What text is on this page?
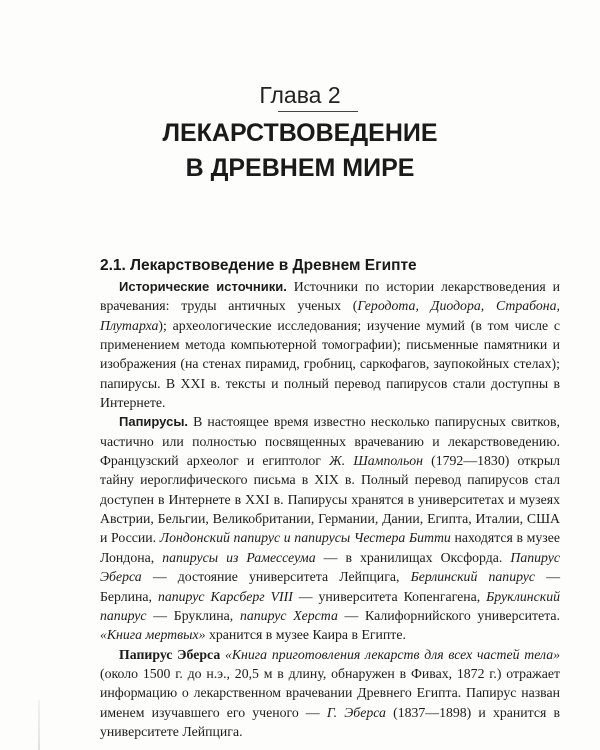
Глава 2
ЛЕКАРСТВОВЕДЕНИЕ
В ДРЕВНЕМ МИРЕ
2.1. Лекарствоведение в Древнем Египте

Исторические источники. Источники по истории лекарствоведения и врачевания: труды античных ученых (Геродота, Диодора, Страбона, Плутарха); археологические исследования; изучение мумий (в том числе с применением метода компьютерной томографии); письменные памятники и изображения (на стенах пирамид, гробниц, саркофагов, заупокойных стелах); папирусы. В XXI в. тексты и полный перевод папирусов стали доступны в Интернете.

Папирусы. В настоящее время известно несколько папирусных свитков, частично или полностью посвященных врачеванию и лекарствоведению. Французский археолог и египтолог Ж. Шампольон (1792—1830) открыл тайну иероглифического письма в XIX в. Полный перевод папирусов стал доступен в Интернете в XXI в. Папирусы хранятся в университетах и музеях Австрии, Бельгии, Великобритании, Германии, Дании, Египта, Италии, США и России. Лондонский папирус и папирусы Честера Битти находятся в музее Лондона, папирусы из Рамессеума — в хранилищах Оксфорда. Папирус Эберса — достояние университета Лейпцига, Берлинский папирус — Берлина, папирус Карсберг VIII — университета Копенгагена, Бруклинский папирус — Бруклина, папирус Херста — Калифорнийского университета. «Книга мертвых» хранится в музее Каира в Египте.

Папирус Эберса «Книга приготовления лекарств для всех частей тела» (около 1500 г. до н.э., 20,5 м в длину, обнаружен в Фивах, 1872 г.) отражает информацию о лекарственном врачевании Древнего Египта. Папирус назван именем изучавшего его ученого — Г. Эберса (1837—1898) и хранится в университете Лейпцига.
